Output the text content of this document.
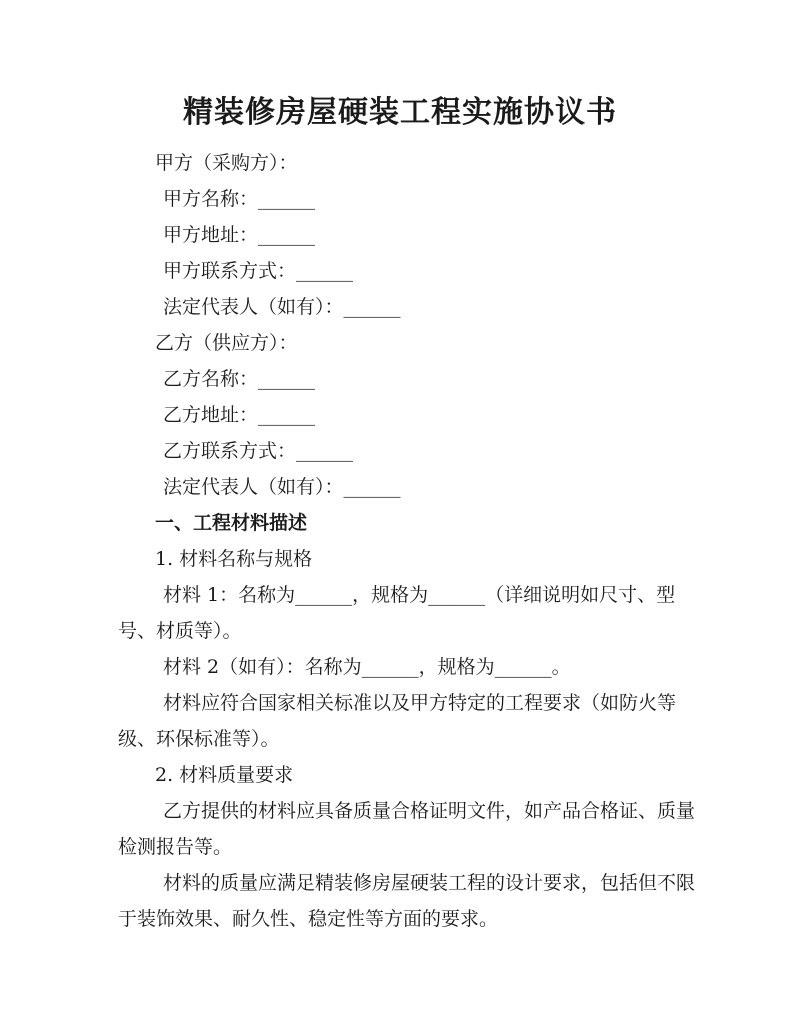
精装修房屋硬装工程实施协议书
甲方（采购方）：
甲方名称：______
甲方地址：______
甲方联系方式：______
法定代表人（如有）：______
乙方（供应方）：
乙方名称：______
乙方地址：______
乙方联系方式：______
法定代表人（如有）：______
一、工程材料描述
1. 材料名称与规格
材料 1：名称为______，规格为______（详细说明如尺寸、型
号、材质等）。
材料 2（如有）：名称为______，规格为______。
材料应符合国家相关标准以及甲方特定的工程要求（如防火等
级、环保标准等）。
2. 材料质量要求
乙方提供的材料应具备质量合格证明文件，如产品合格证、质量
检测报告等。
材料的质量应满足精装修房屋硬装工程的设计要求，包括但不限
于装饰效果、耐久性、稳定性等方面的要求。
